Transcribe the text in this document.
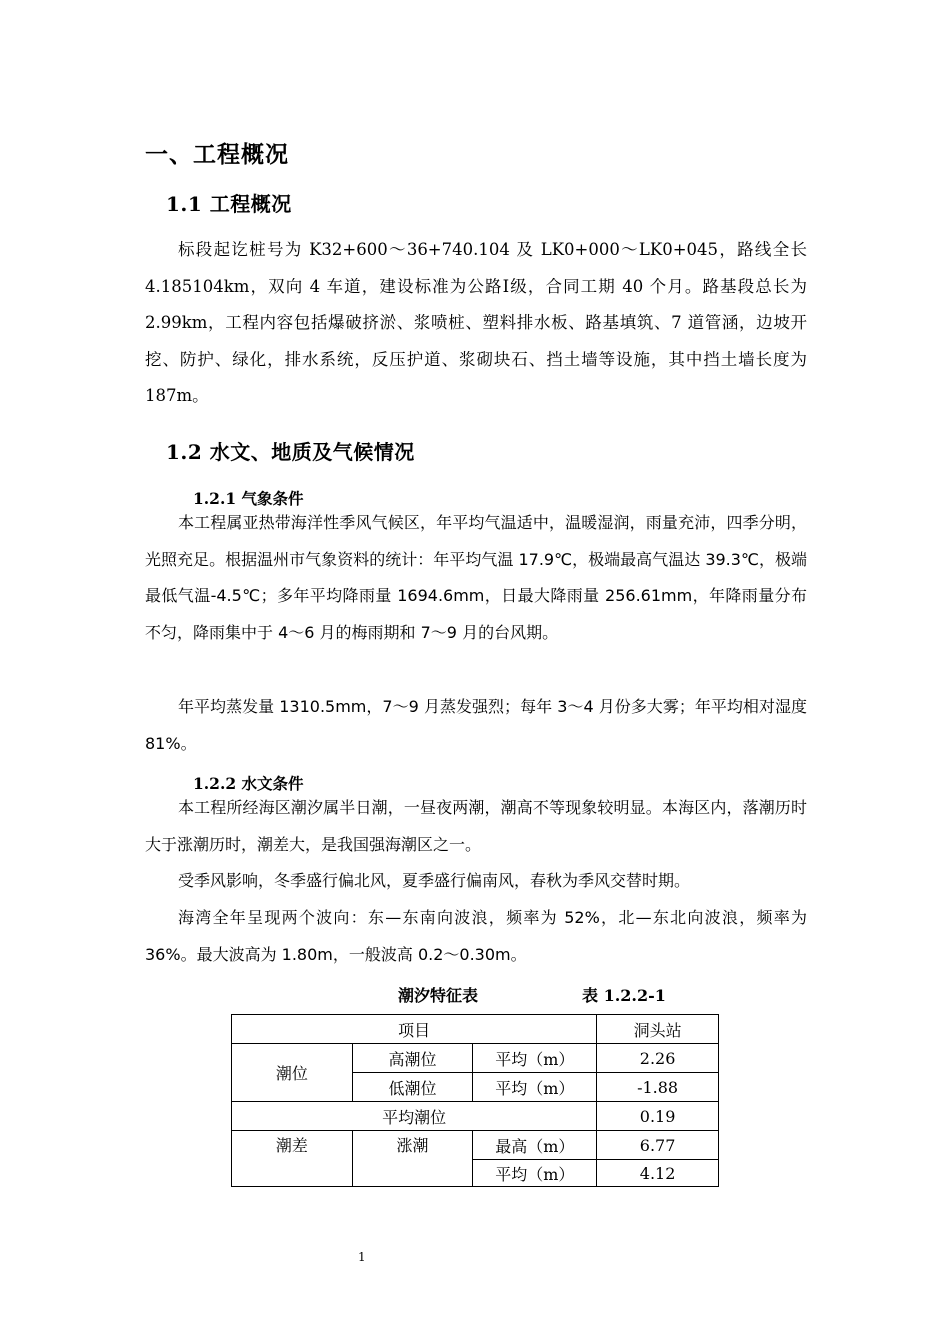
一、工程概况
1.1 工程概况

标段起讫桩号为 K32+600～36+740.104 及 LK0+000～LK0+045，路线全长 4.185104km，双向 4 车道，建设标准为公路Ⅰ级，合同工期 40 个月。路基段总长为 2.99km，工程内容包括爆破挤淤、浆喷桩、塑料排水板、路基填筑、7 道管涵，边坡开挖、防护、绿化，排水系统，反压护道、浆砌块石、挡土墙等设施，其中挡土墙长度为 187m。

1.2 水文、地质及气候情况
1.2.1 气象条件

本工程属亚热带海洋性季风气候区，年平均气温适中，温暖湿润，雨量充沛，四季分明，光照充足。根据温州市气象资料的统计：年平均气温 17.9℃，极端最高气温达 39.3℃，极端最低气温-4.5℃；多年平均降雨量 1694.6mm，日最大降雨量 256.61mm，年降雨量分布不匀，降雨集中于 4～6 月的梅雨期和 7～9 月的台风期。

年平均蒸发量 1310.5mm，7～9 月蒸发强烈；每年 3～4 月份多大雾；年平均相对湿度 81%。

1.2.2 水文条件

本工程所经海区潮汐属半日潮，一昼夜两潮，潮高不等现象较明显。本海区内，落潮历时大于涨潮历时，潮差大，是我国强海潮区之一。

受季风影响，冬季盛行偏北风，夏季盛行偏南风，春秋为季风交替时期。

海湾全年呈现两个波向：东—东南向波浪，频率为 52%，北—东北向波浪，频率为 36%。最大波高为 1.80m，一般波高 0.2～0.30m。

潮汐特征表	表 1.2.2-1
项目			洞头站
潮位	高潮位	平均（m）	2.26
	低潮位	平均（m）	-1.88
平均潮位			0.19
潮差	涨潮	最高（m）	6.77
		平均（m）	4.12
1
